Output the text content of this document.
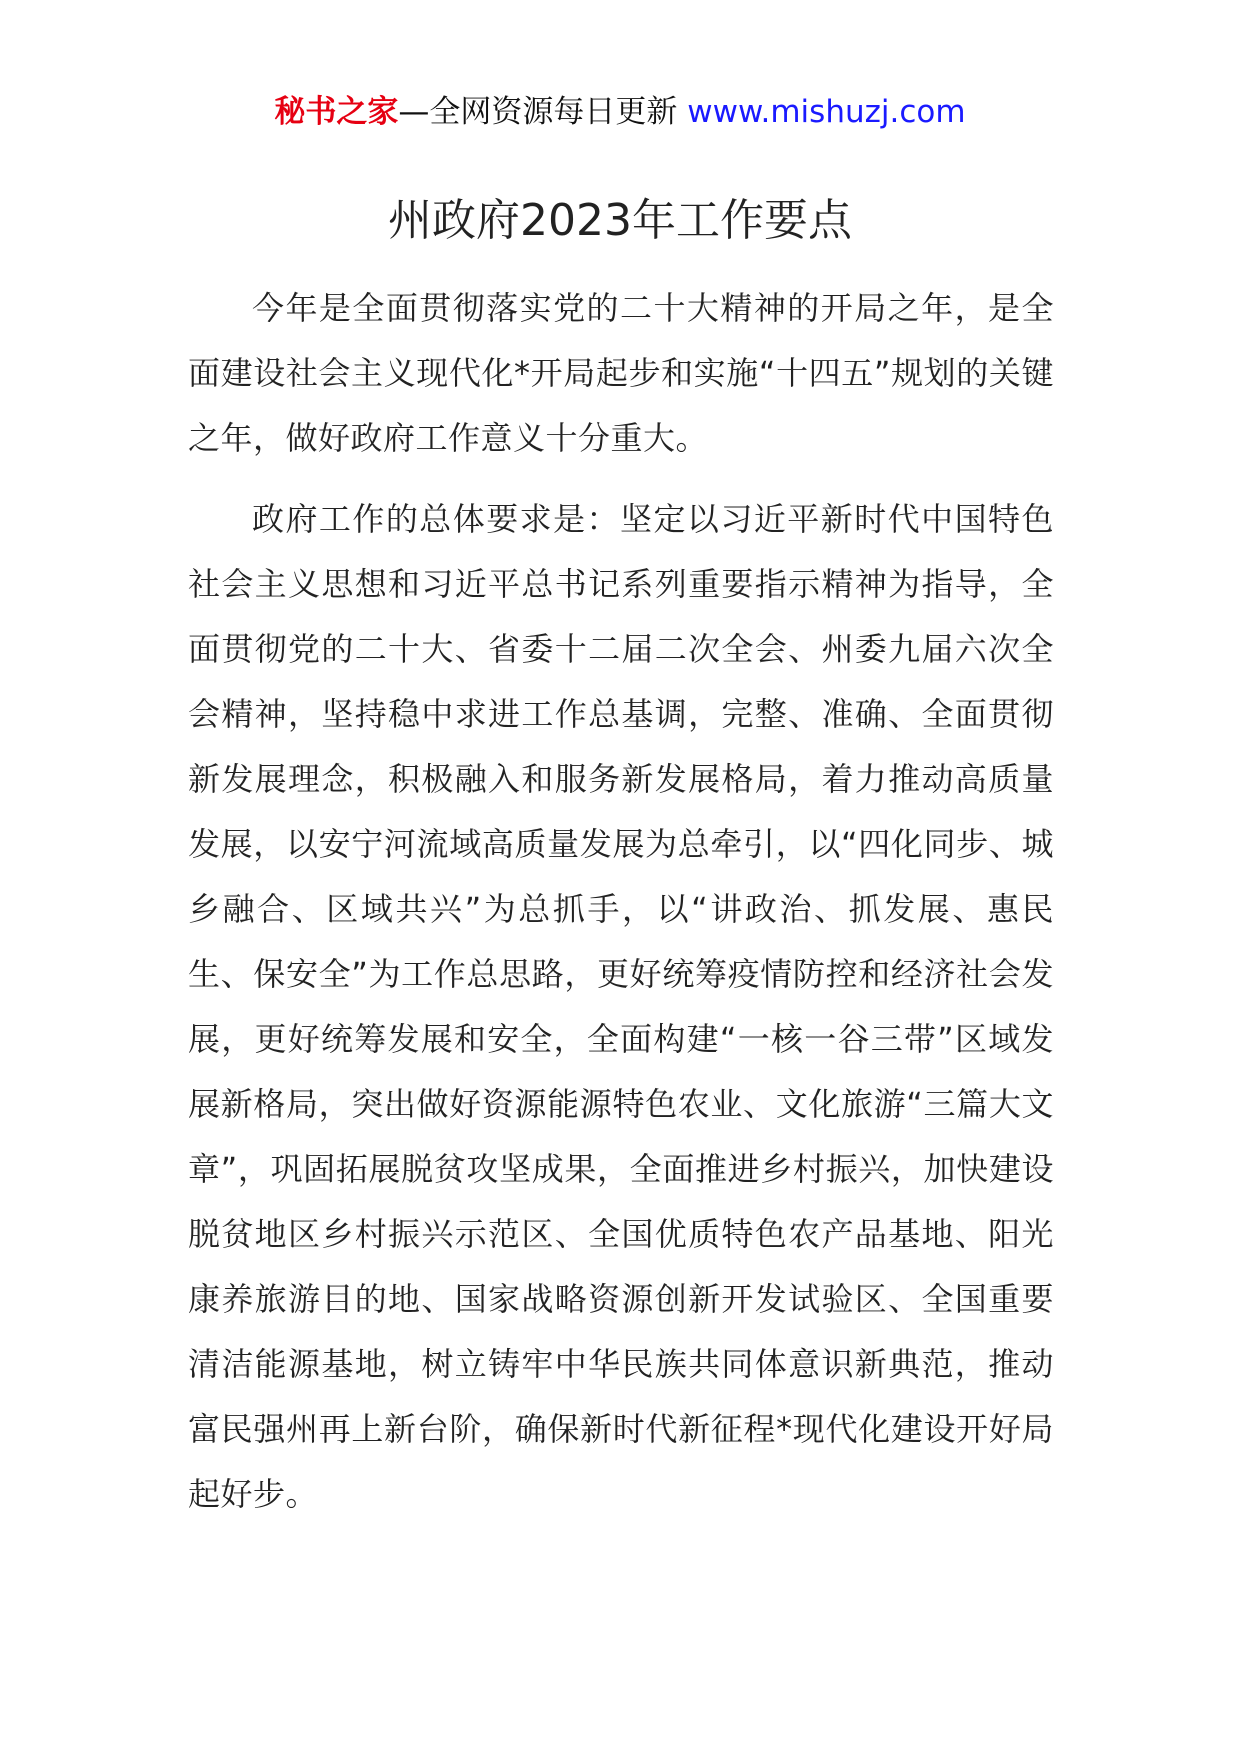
秘书之家—全网资源每日更新 www.mishuzj.com
州政府2023年工作要点

今年是全面贯彻落实党的二十大精神的开局之年，是全面建设社会主义现代化*开局起步和实施“十四五”规划的关键之年，做好政府工作意义十分重大。

政府工作的总体要求是：坚定以习近平新时代中国特色社会主义思想和习近平总书记系列重要指示精神为指导，全面贯彻党的二十大、省委十二届二次全会、州委九届六次全会精神，坚持稳中求进工作总基调，完整、准确、全面贯彻新发展理念，积极融入和服务新发展格局，着力推动高质量发展，以安宁河流域高质量发展为总牵引，以“四化同步、城乡融合、区域共兴”为总抓手，以“讲政治、抓发展、惠民生、保安全”为工作总思路，更好统筹疫情防控和经济社会发展，更好统筹发展和安全，全面构建“一核一谷三带”区域发展新格局，突出做好资源能源特色农业、文化旅游“三篇大文章”，巩固拓展脱贫攻坚成果，全面推进乡村振兴，加快建设脱贫地区乡村振兴示范区、全国优质特色农产品基地、阳光康养旅游目的地、国家战略资源创新开发试验区、全国重要清洁能源基地，树立铸牢中华民族共同体意识新典范，推动富民强州再上新台阶，确保新时代新征程*现代化建设开好局起好步。
